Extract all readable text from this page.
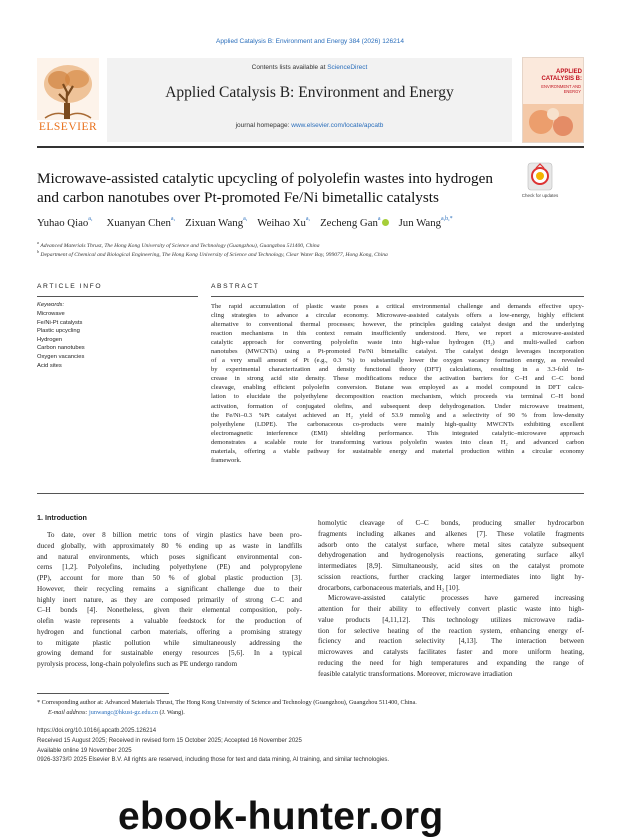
Applied Catalysis B: Environment and Energy 384 (2026) 126214
Contents lists available at ScienceDirect
Applied Catalysis B: Environment and Energy
journal homepage: www.elsevier.com/locate/apcatb
ELSEVIER
APPLIED CATALYSIS B:
ENVIRONMENT AND ENERGY
Microwave-assisted catalytic upcycling of polyolefin wastes into hydrogen
and carbon nanotubes over Pt-promoted Fe/Ni bimetallic catalysts	Check for updates
Yuhao Qiao$^{a,}$ Xuanyan Chen$^{a,}$ Zixuan Wang$^{a,}$ Weihao $Xu^{a,}$ Zecheng Gan$^a$ Jun Wang$^{a,b,*}$
$^a$ Advanced Materials Thrust, The Hong Kong University of Science and Technology (Guangzhou), Guangzhou 511400, China
$^b$ Department of Chemical and Biological Engineering, The Hong Kong University of Science and Technology, Clear Water Bay, 999077, Hong Kong, China
ARTICLE INFO	ABSTRACT
Keywords:
Microwave
Fe/Ni-Pt catalysts
Plastic upcycling
Hydrogen
Carbon nanotubes
Oxygen vacancies
Acid sites
The rapid accumulation of plastic waste poses a critical environmental challenge and demands effective upcy-
cling strategies to advance a circular economy. Microwave-assisted catalysis offers a low-energy, highly efficient
alternative to conventional thermal processes; however, the principles guiding catalyst design and the underlying
reaction mechanisms in this context remain insufficiently understood. Here, we report a microwave-assisted
catalytic approach for converting polyolefin waste into high-value hydrogen (H₂) and multi-walled carbon
nanotubes (MWCNTs) using a Pt-promoted Fe/Ni bimetallic catalyst. The catalyst design leverages incorporation
of a very small amount of Pt (e.g., 0.3 %) to substantially lower the oxygen vacancy formation energy, as revealed
by experimental characterization and density functional theory (DFT) calculations, resulting in a 3.3-fold in-
crease in strong acid site density. These modifications reduce the activation barriers for C–H and C–C bond
cleavage, enabling efficient polyolefin conversion. Butane was employed as a model compound in DFT calcu-
lation to elucidate the polyethylene decomposition reaction mechanism, which proceeds via terminal C–H bond
activation, formation of conjugated olefins, and subsequent deep dehydrogenation. Under microwave treatment,
the Fe/Ni–0.3 %Pt catalyst achieved an H₂ yield of 53.9 mmol/g and a selectivity of 90 % from low-density
polyethylene (LDPE). The carbonaceous co-products were mainly high-quality MWCNTs exhibiting excellent
electromagnetic interference (EMI) shielding performance. This integrated catalytic–microwave approach
demonstrates a scalable route for transforming various polyolefin wastes into clean H₂ and advanced carbon
materials, offering a viable pathway for sustainable energy and material production within a circular economy
framework.
1. Introduction
To date, over 8 billion metric tons of virgin plastics have been pro-
duced globally, with approximately 80 % ending up as waste in landfills
and natural environments, which poses significant environmental con-
cerns [1,2]. Polyolefins, including polyethylene (PE) and polypropylene
(PP), account for more than 50 % of global plastic production [3].
However, their recycling remains a significant challenge due to their
highly inert nature, as they are composed primarily of strong C–C and
C–H bonds [4]. Nonetheless, given their elemental composition, poly-
olefin waste represents a valuable feedstock for the production of
hydrogen and functional carbon materials, offering a promising strategy
to mitigate plastic pollution while simultaneously addressing the
growing demand for sustainable energy resources [5,6]. In a typical
pyrolysis process, long-chain polyolefins such as PE undergo random
homolytic cleavage of C–C bonds, producing smaller hydrocarbon
fragments including alkanes and alkenes [7]. These volatile fragments
adsorb onto the catalyst surface, where metal sites catalyze subsequent
dehydrogenation and hydrogenolysis reactions, generating surface alkyl
intermediates [8,9]. Simultaneously, acid sites on the catalyst promote
scission reactions, further cracking larger intermediates into light hy-
drocarbons, carbonaceous materials, and H₂ [10].
Microwave-assisted catalytic processes have garnered increasing
attention for their ability to effectively convert plastic waste into high-
value products [4,11,12]. This technology utilizes microwave radia-
tion for selective heating of the reaction system, enhancing energy ef-
ficiency and reaction selectivity [4,13]. The interaction between
microwaves and catalysts facilitates faster and more uniform heating,
reducing the need for high temperatures and expanding the range of
feasible catalytic transformations. Moreover, microwave irradiation
* Corresponding author at: Advanced Materials Thrust, The Hong Kong University of Science and Technology (Guangzhou), Guangzhou 511400, China.
E-mail address: junwangc@hkust-gz.edu.cn (J. Wang).
https://doi.org/10.1016/j.apcatb.2025.126214
Received 15 August 2025; Received in revised form 15 October 2025; Accepted 16 November 2025
Available online 19 November 2025
0926-3373/© 2025 Elsevier B.V. All rights are reserved, including those for text and data mining, AI training, and similar technologies.
ebook-hunter.org
